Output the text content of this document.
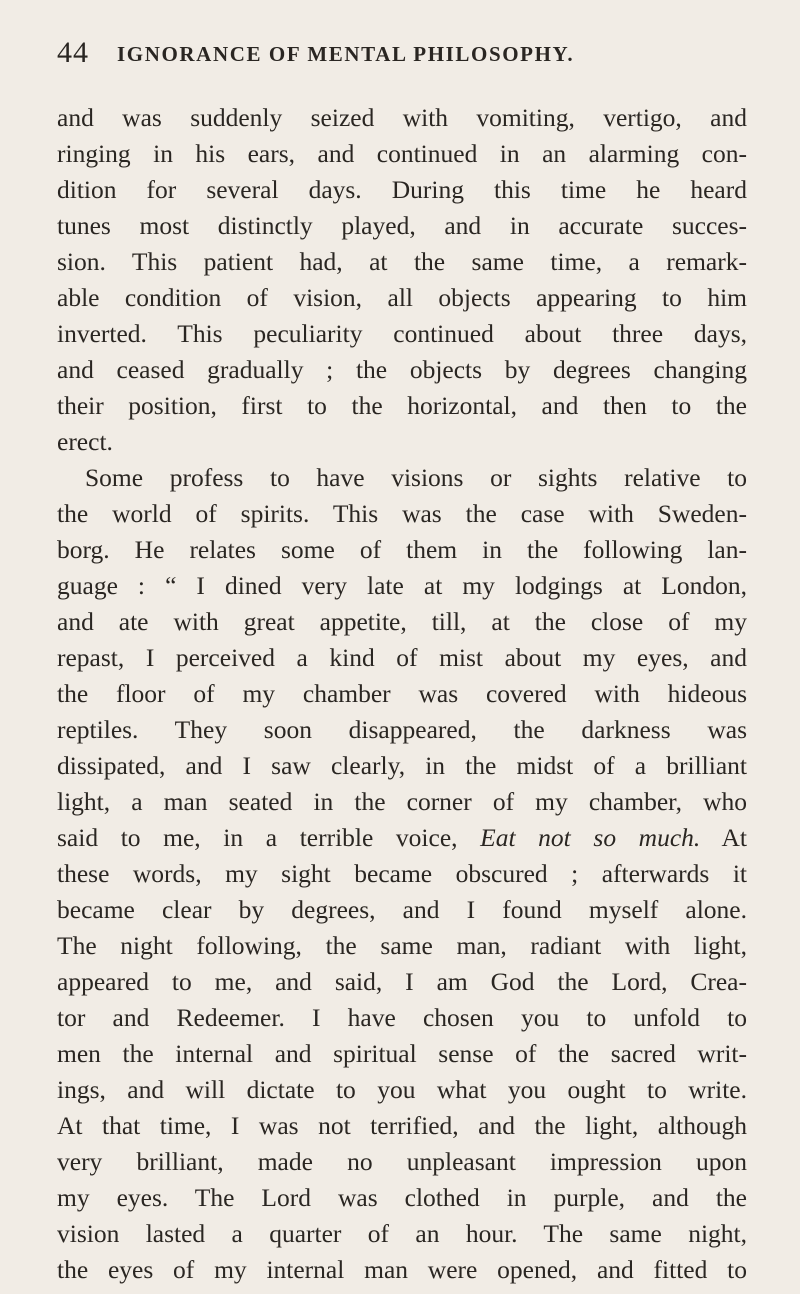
44 IGNORANCE OF MENTAL PHILOSOPHY.
and was suddenly seized with vomiting, vertigo, and
ringing in his ears, and continued in an alarming con-
dition for several days. During this time he heard
tunes most distinctly played, and in accurate succes-
sion. This patient had, at the same time, a remark-
able condition of vision, all objects appearing to him
inverted. This peculiarity continued about three days,
and ceased gradually ; the objects by degrees changing
their position, first to the horizontal, and then to the
erect.
Some profess to have visions or sights relative to
the world of spirits. This was the case with Sweden-
borg. He relates some of them in the following lan-
guage : “ I dined very late at my lodgings at London,
and ate with great appetite, till, at the close of my
repast, I perceived a kind of mist about my eyes, and
the floor of my chamber was covered with hideous
reptiles. They soon disappeared, the darkness was
dissipated, and I saw clearly, in the midst of a brilliant
light, a man seated in the corner of my chamber, who
said to me, in a terrible voice, Eat not so much. At
these words, my sight became obscured ; afterwards it
became clear by degrees, and I found myself alone.
The night following, the same man, radiant with light,
appeared to me, and said, I am God the Lord, Crea-
tor and Redeemer. I have chosen you to unfold to
men the internal and spiritual sense of the sacred writ-
ings, and will dictate to you what you ought to write.
At that time, I was not terrified, and the light, although
very brilliant, made no unpleasant impression upon
my eyes. The Lord was clothed in purple, and the
vision lasted a quarter of an hour. The same night,
the eyes of my internal man were opened, and fitted to
